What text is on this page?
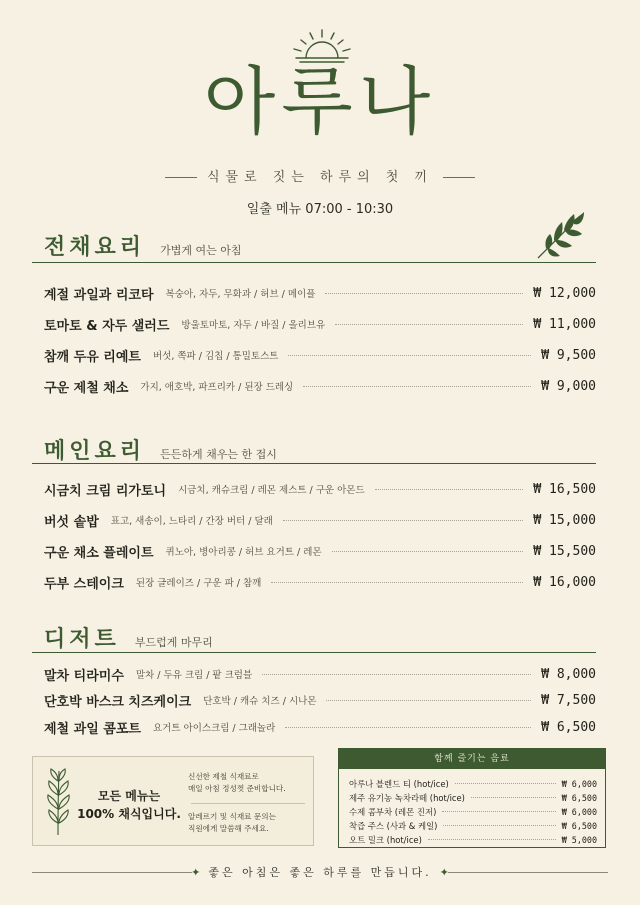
아루나
식물로 짓는 하루의 첫 끼
일출 메뉴 07:00 - 10:30
전채요리 가볍게 여는 아침
계절 과일과 리코타 복숭아, 자두, 무화과 / 허브 / 메이플	₩ 12,000
토마토 & 자두 샐러드 방울토마토, 자두 / 바질 / 올리브유	₩ 11,000
참깨 두유 리예트 버섯, 쪽파 / 김칩 / 통밀토스트	₩ 9,500
구운 제철 채소 가지, 애호박, 파프리카 / 된장 드레싱	₩ 9,000
메인요리 든든하게 채우는 한 접시
시금치 크림 리가토니 시금치, 캐슈크림 / 레몬 제스트 / 구운 아몬드	₩ 16,500
버섯 솥밥 표고, 새송이, 느타리 / 간장 버터 / 달래	₩ 15,000
구운 채소 플레이트 퀴노아, 병아리콩 / 허브 요거트 / 레몬	₩ 15,500
두부 스테이크 된장 글레이즈 / 구운 파 / 참깨	₩ 16,000
디저트 부드럽게 마무리
말차 티라미수 말차 / 두유 크림 / 팥 크럼블	₩ 8,000
단호박 바스크 치즈케이크 단호박 / 캐슈 치즈 / 시나몬	₩ 7,500
제철 과일 콤포트 요거트 아이스크림 / 그래놀라	₩ 6,500
모든 메뉴는
100% 채식입니다.
신선한 제철 식재료로
매일 아침 정성껏 준비합니다.
알레르기 및 식재료 문의는
직원에게 말씀해 주세요.
함께 즐기는 음료
아루나 블렌드 티 (hot/ice)	₩ 6,000
제주 유기농 녹차라떼 (hot/ice)	₩ 6,500
수제 콤부차 (레몬 진저)	₩ 6,000
착즙 주스 (사과 & 케일)	₩ 6,500
오트 밀크 (hot/ice)	₩ 5,000
✦ 좋은 아침은 좋은 하루를 만듭니다. ✦
